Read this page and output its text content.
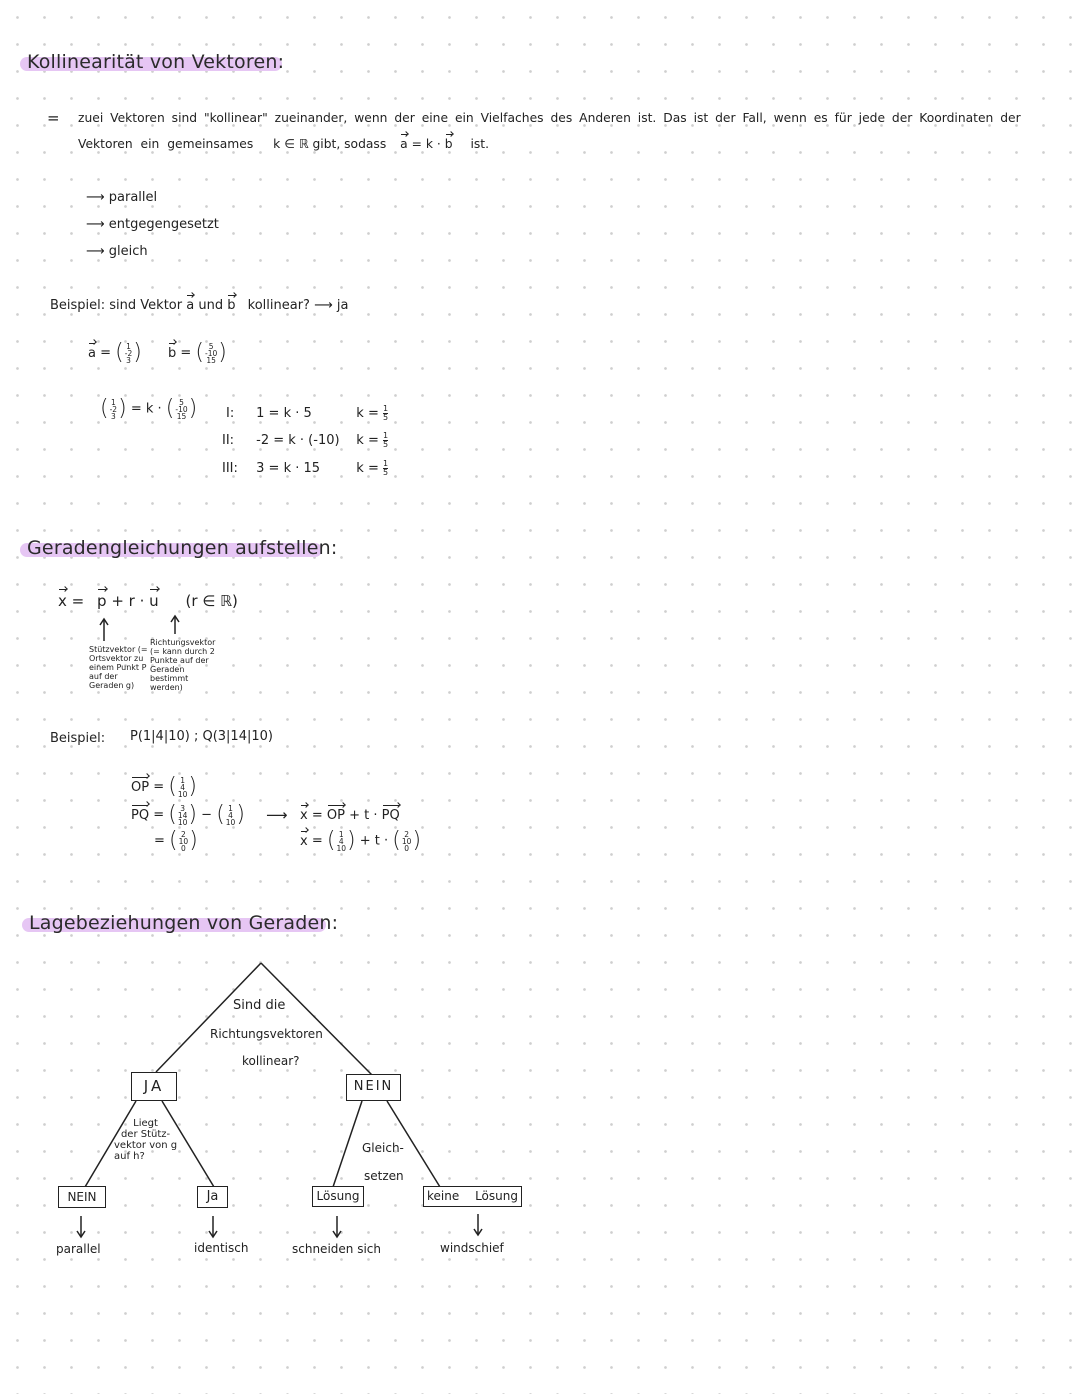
Kollinearität von Vektoren:
= zuei Vektoren sind "kollinear" zueinander, wenn der eine ein Vielfaches des Anderen ist. Das ist der Fall, wenn es für jede der Koordinaten der
Vektoren ein gemeinsames k ∈ ℝ gibt, sodass a = k · b ist.
⟶ parallel
⟶ entgegengesetzt
⟶ gleich
Beispiel: sind Vektor a und b kollinear? ⟶ ja
a = ( 1
-2
3 ) b = ( 5
-10
15 )
( 1
-2
3 ) = k · ( 5
-10
15 ) I: 1 = k · 5	$k = \frac{1}{5}$
II: -2 = k · (-10) $k = \frac{1}{5}$
III: 3 = k · 15	$k = \frac{1}{5}$
Geradengleichungen aufstellen:
x = p + r · u (r ∈ ℝ)
Stützvektor (= Ortsvektor zu einem Punkt P auf der Geraden g)
Richtungsvektor (= kann durch 2 Punkte auf der Geraden bestimmt werden)
Beispiel: P(1|4|10) ; Q(3|14|10)
OP = ( 1
4
10 )
PQ = ( 3
14
10 ) − ( 1
4
10 )
= ( 2
10
0 )
⟶ x = OP + t · PQ
x = ( 1
4
10 ) + t · ( 2
10
0 )
Lagebeziehungen von Geraden:
Sind die
Richtungsvektoren
kollinear?
JA	NEIN
Liegt
der Stütz-
vektor von g
auf h?
Gleich-
setzen
NEIN	Ja	Lösung	keine Lösung
parallel	identisch	schneiden sich	windschief
